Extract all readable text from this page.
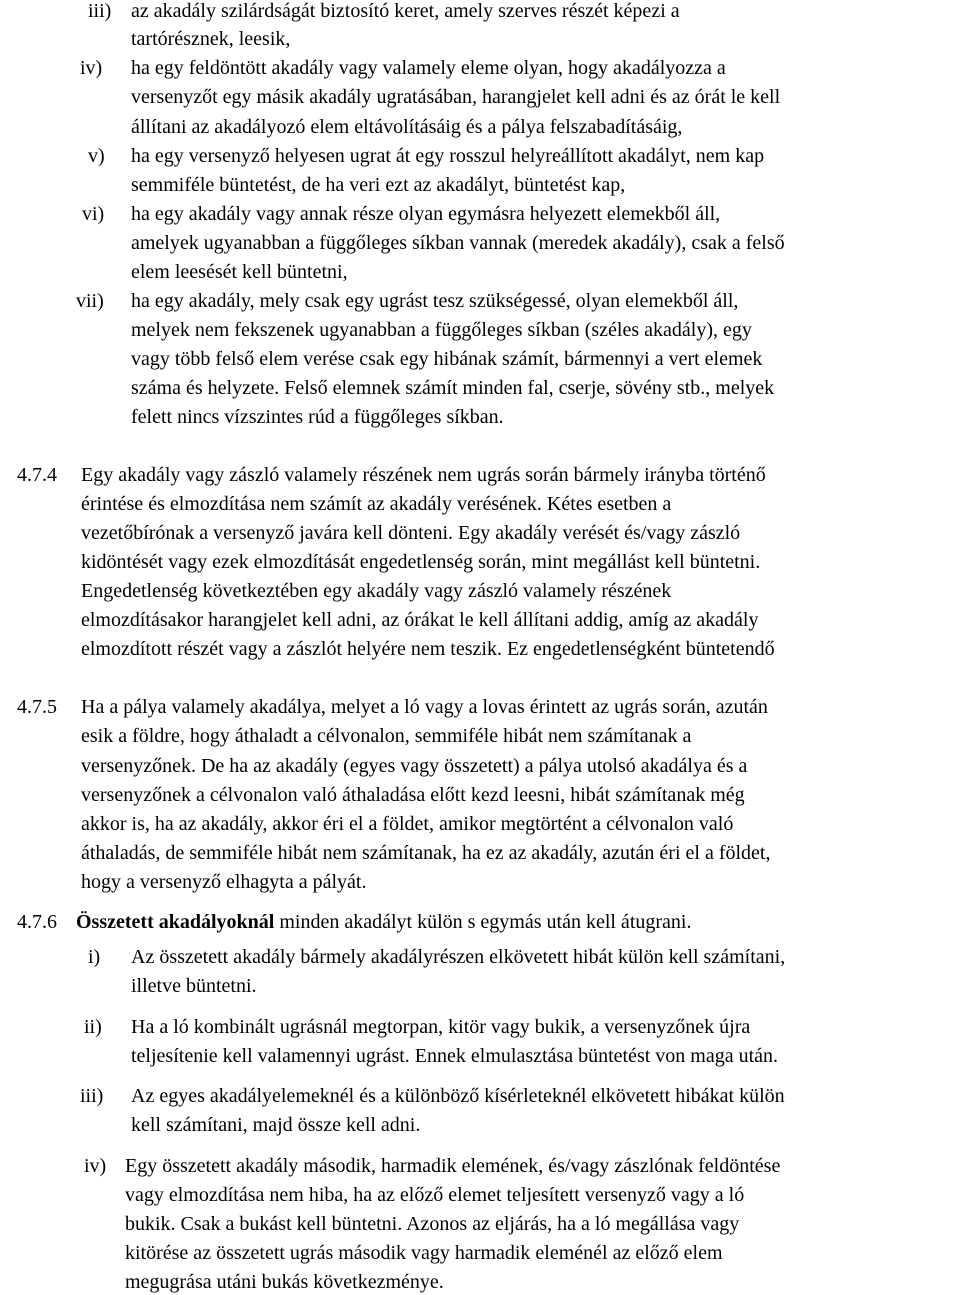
iii) az akadály szilárdságát biztosító keret, amely szerves részét képezi a
tartórésznek, leesik,
iv) ha egy feldöntött akadály vagy valamely eleme olyan, hogy akadályozza a
versenyzőt egy másik akadály ugratásában, harangjelet kell adni és az órát le kell
állítani az akadályozó elem eltávolításáig és a pálya felszabadításáig,
v) ha egy versenyző helyesen ugrat át egy rosszul helyreállított akadályt, nem kap
semmiféle büntetést, de ha veri ezt az akadályt, büntetést kap,
vi) ha egy akadály vagy annak része olyan egymásra helyezett elemekből áll,
amelyek ugyanabban a függőleges síkban vannak (meredek akadály), csak a felső
elem leesését kell büntetni,
vii) ha egy akadály, mely csak egy ugrást tesz szükségessé, olyan elemekből áll,
melyek nem fekszenek ugyanabban a függőleges síkban (széles akadály), egy
vagy több felső elem verése csak egy hibának számít, bármennyi a vert elemek
száma és helyzete. Felső elemnek számít minden fal, cserje, sövény stb., melyek
felett nincs vízszintes rúd a függőleges síkban.
4.7.4 Egy akadály vagy zászló valamely részének nem ugrás során bármely irányba történő
érintése és elmozdítása nem számít az akadály verésének. Kétes esetben a
vezetőbírónak a versenyző javára kell dönteni. Egy akadály verését és/vagy zászló
kidöntését vagy ezek elmozdítását engedetlenség során, mint megállást kell büntetni.
Engedetlenség következtében egy akadály vagy zászló valamely részének
elmozdításakor harangjelet kell adni, az órákat le kell állítani addig, amíg az akadály
elmozdított részét vagy a zászlót helyére nem teszik. Ez engedetlenségként büntetendő
4.7.5 Ha a pálya valamely akadálya, melyet a ló vagy a lovas érintett az ugrás során, azután
esik a földre, hogy áthaladt a célvonalon, semmiféle hibát nem számítanak a
versenyzőnek. De ha az akadály (egyes vagy összetett) a pálya utolsó akadálya és a
versenyzőnek a célvonalon való áthaladása előtt kezd leesni, hibát számítanak még
akkor is, ha az akadály, akkor éri el a földet, amikor megtörtént a célvonalon való
áthaladás, de semmiféle hibát nem számítanak, ha ez az akadály, azután éri el a földet,
hogy a versenyző elhagyta a pályát.
4.7.6 Összetett akadályoknál minden akadályt külön s egymás után kell átugrani.
i) Az összetett akadály bármely akadályrészen elkövetett hibát külön kell számítani,
illetve büntetni.
ii) Ha a ló kombinált ugrásnál megtorpan, kitör vagy bukik, a versenyzőnek újra
teljesítenie kell valamennyi ugrást. Ennek elmulasztása büntetést von maga után.
iii) Az egyes akadályelemeknél és a különböző kísérleteknél elkövetett hibákat külön
kell számítani, majd össze kell adni.
iv) Egy összetett akadály második, harmadik elemének, és/vagy zászlónak feldöntése
vagy elmozdítása nem hiba, ha az előző elemet teljesített versenyző vagy a ló
bukik. Csak a bukást kell büntetni. Azonos az eljárás, ha a ló megállása vagy
kitörése az összetett ugrás második vagy harmadik eleménél az előző elem
megugrása utáni bukás következménye.
